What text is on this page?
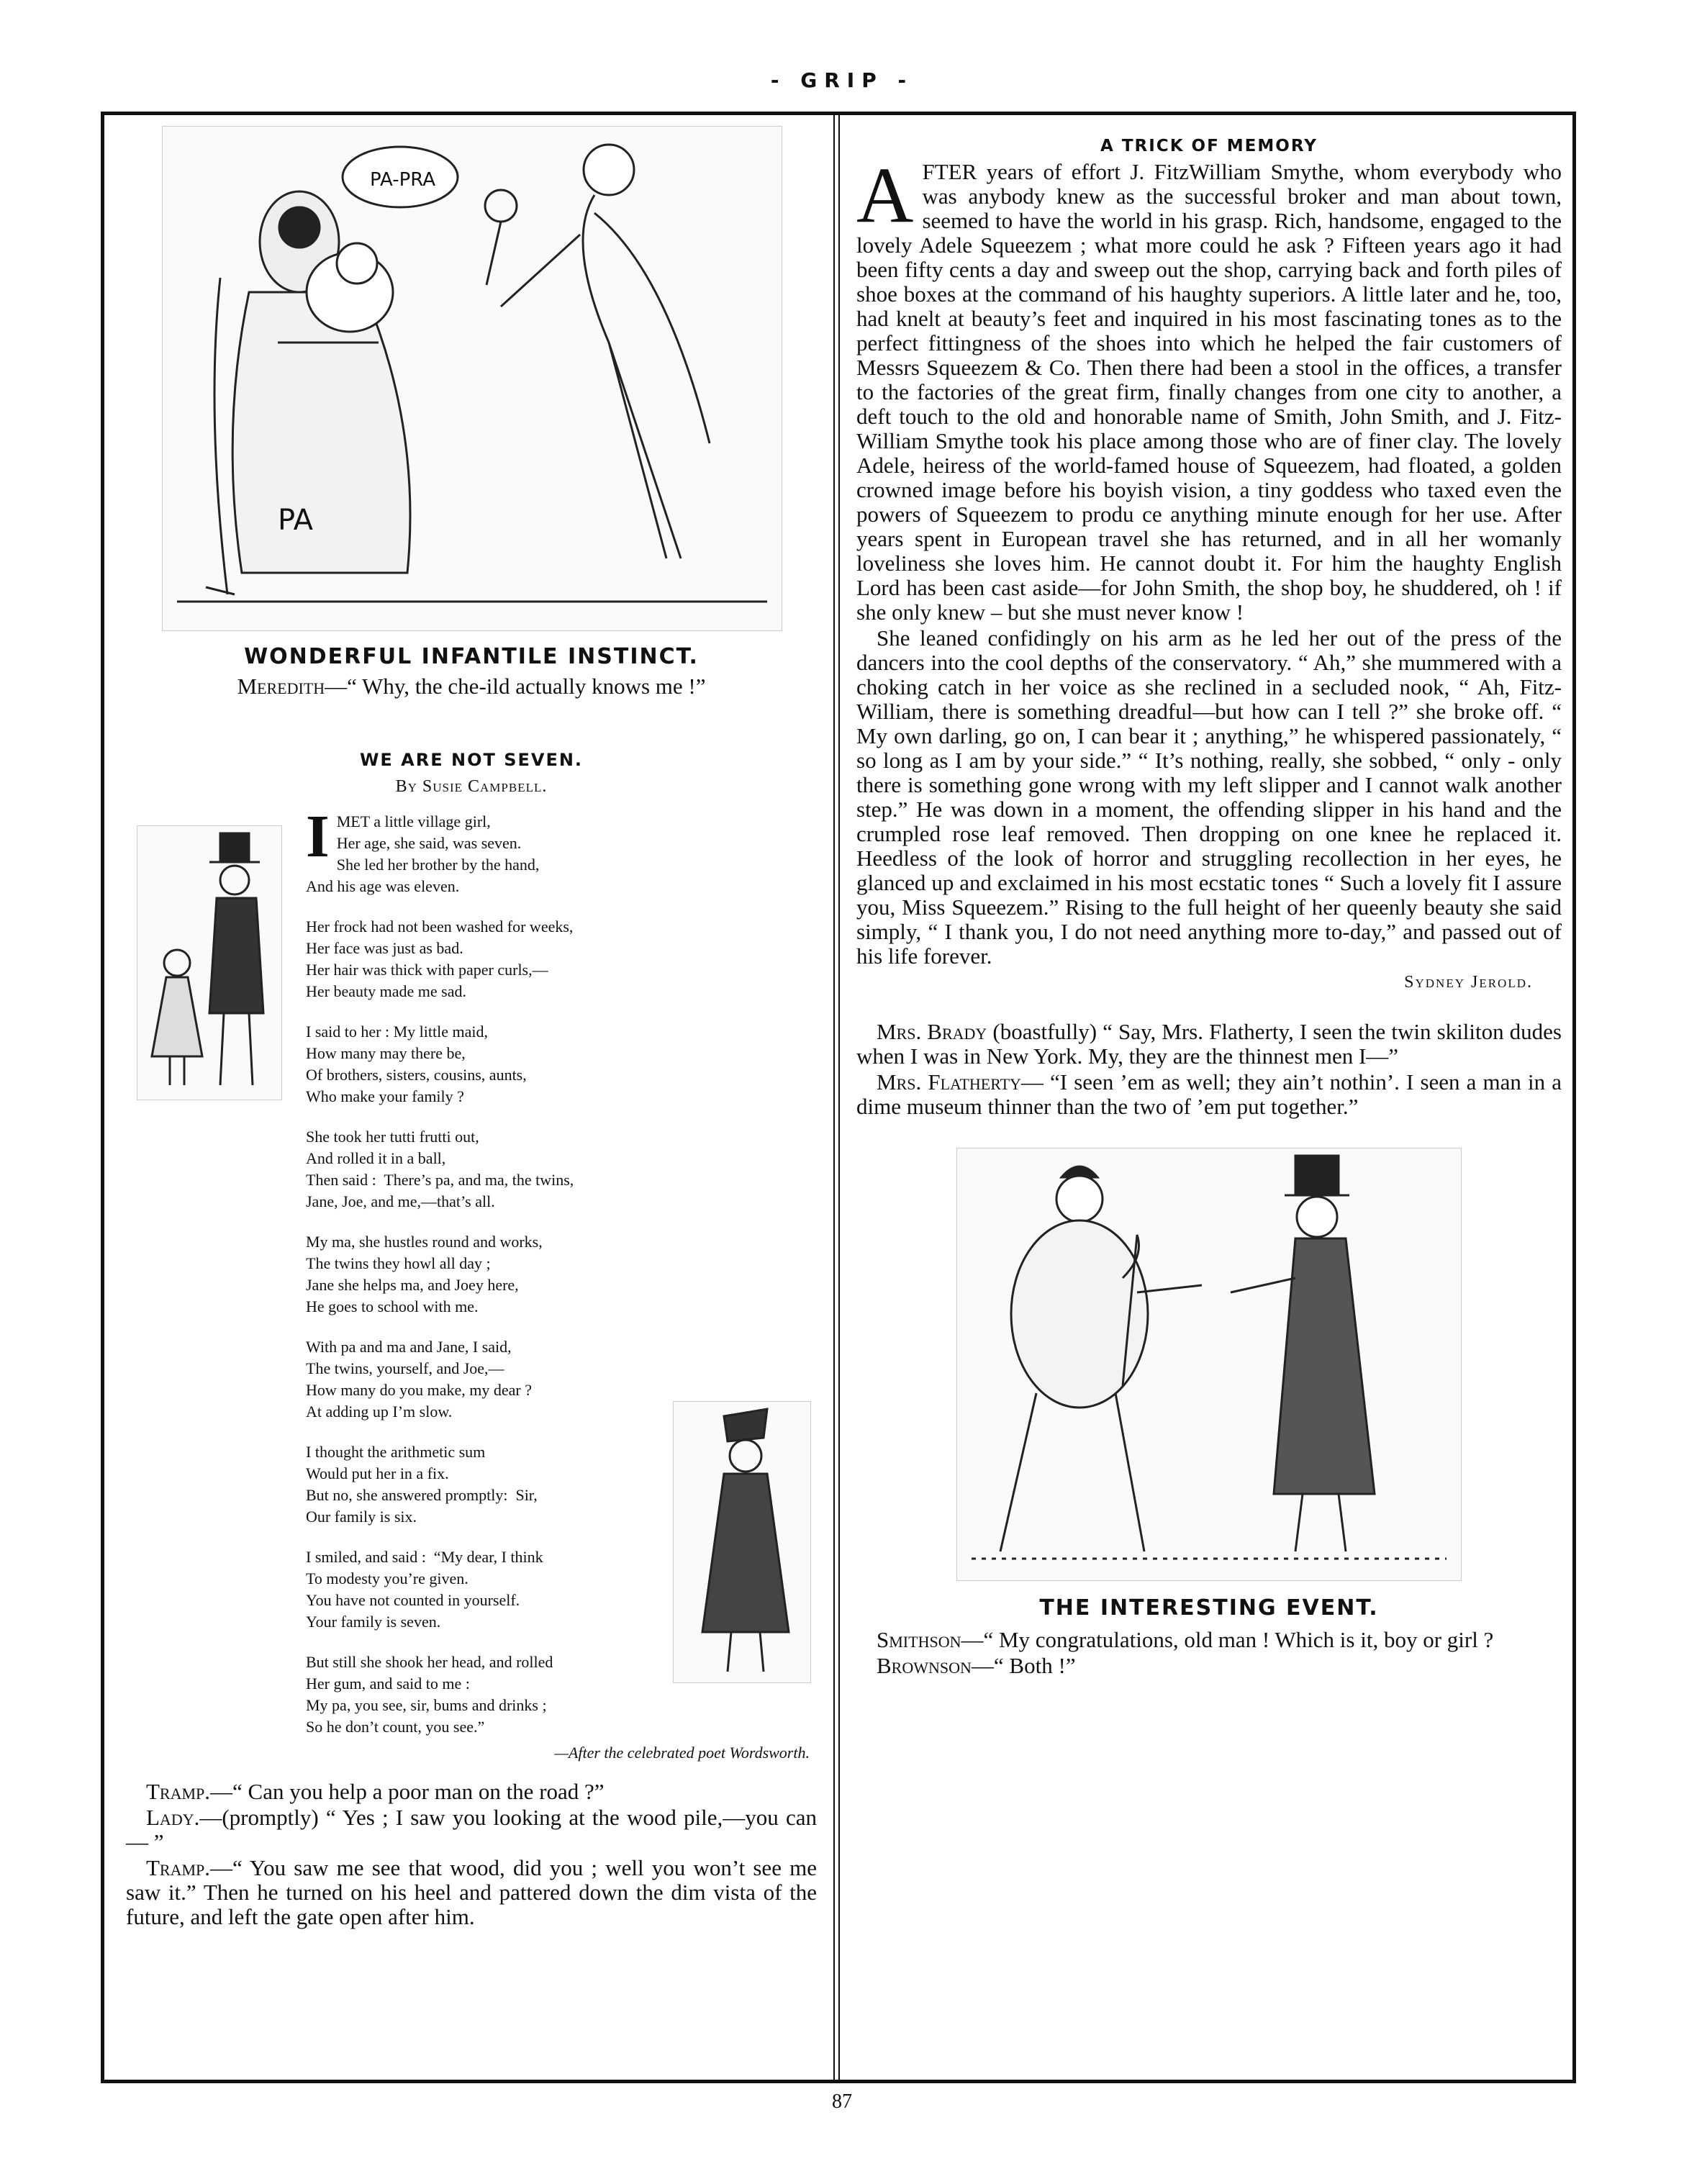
- GRIP -
PA-PRA
PA
WONDERFUL INFANTILE INSTINCT.
Meredith—“ Why, the che-ild actually knows me !”
WE ARE NOT SEVEN.
By Susie Campbell.
I MET a little village girl,
Her age, she said, was seven.
She led her brother by the hand,
And his age was eleven.
Her frock had not been washed for weeks,
Her face was just as bad.
Her hair was thick with paper curls,—
Her beauty made me sad.
I said to her : My little maid,
How many may there be,
Of brothers, sisters, cousins, aunts,
Who make your family ?
She took her tutti frutti out,
And rolled it in a ball,
Then said :  There’s pa, and ma, the twins,
Jane, Joe, and me,—that’s all.
My ma, she hustles round and works,
The twins they howl all day ;
Jane she helps ma, and Joey here,
He goes to school with me.
With pa and ma and Jane, I said,
The twins, yourself, and Joe,—
How many do you make, my dear ?
At adding up I’m slow.
I thought the arithmetic sum
Would put her in a fix.
But no, she answered promptly:  Sir,
Our family is six.
I smiled, and said :  “My dear, I think
To modesty you’re given.
You have not counted in yourself.
Your family is seven.
But still she shook her head, and rolled
Her gum, and said to me :
My pa, you see, sir, bums and drinks ;
So he don’t count, you see.”
—After the celebrated poet Wordsworth.

Tramp.—“ Can you help a poor man on the road ?”

Lady.—(promptly) “ Yes ; I saw you looking at the wood pile,—you can— ”

Tramp.—“ You saw me see that wood, did you ; well you won’t see me saw it.” Then he turned on his heel and pattered down the dim vista of the future, and left the gate open after him.

A TRICK OF MEMORY

AFTER years of effort J. FitzWilliam Smythe, whom everybody who was anybody knew as the successful broker and man about town, seemed to have the world in his grasp. Rich, handsome, engaged to the lovely Adele Squeezem ; what more could he ask ? Fifteen years ago it had been fifty cents a day and sweep out the shop, carrying back and forth piles of shoe boxes at the command of his haughty superiors. A little later and he, too, had knelt at beauty’s feet and inquired in his most fascinating tones as to the perfect fittingness of the shoes into which he helped the fair customers of Messrs Squeezem & Co. Then there had been a stool in the offices, a transfer to the factories of the great firm, finally changes from one city to another, a deft touch to the old and honorable name of Smith, John Smith, and J. Fitz-William Smythe took his place among those who are of finer clay. The lovely Adele, heiress of the world-famed house of Squeezem, had floated, a golden crowned image before his boyish vision, a tiny goddess who taxed even the powers of Squeezem to produ ce anything minute enough for her use. After years spent in European travel she has returned, and in all her womanly loveliness she loves him. He cannot doubt it. For him the haughty English Lord has been cast aside—for John Smith, the shop boy, he shuddered, oh ! if she only knew – but she must never know !

She leaned confidingly on his arm as he led her out of the press of the dancers into the cool depths of the conservatory. “ Ah,” she mummered with a choking catch in her voice as she reclined in a secluded nook, “ Ah, Fitz-William, there is something dreadful—but how can I tell ?” she broke off. “ My own darling, go on, I can bear it ; anything,” he whispered passionately, “ so long as I am by your side.” “ It’s nothing, really, she sobbed, “ only - only there is something gone wrong with my left slipper and I cannot walk another step.” He was down in a moment, the offending slipper in his hand and the crumpled rose leaf removed. Then dropping on one knee he replaced it. Heedless of the look of horror and struggling recollection in her eyes, he glanced up and exclaimed in his most ecstatic tones “ Such a lovely fit I assure you, Miss Squeezem.” Rising to the full height of her queenly beauty she said simply, “ I thank you, I do not need anything more to-day,” and passed out of his life forever.

Sydney Jerold.

Mrs. Brady (boastfully) “ Say, Mrs. Flatherty, I seen the twin skiliton dudes when I was in New York. My, they are the thinnest men I—”

Mrs. Flatherty— “I seen ’em as well; they ain’t nothin’. I seen a man in a dime museum thinner than the two of ’em put together.”

THE INTERESTING EVENT.

Smithson—“ My congratulations, old man ! Which is it, boy or girl ?

Brownson—“ Both !”

87
